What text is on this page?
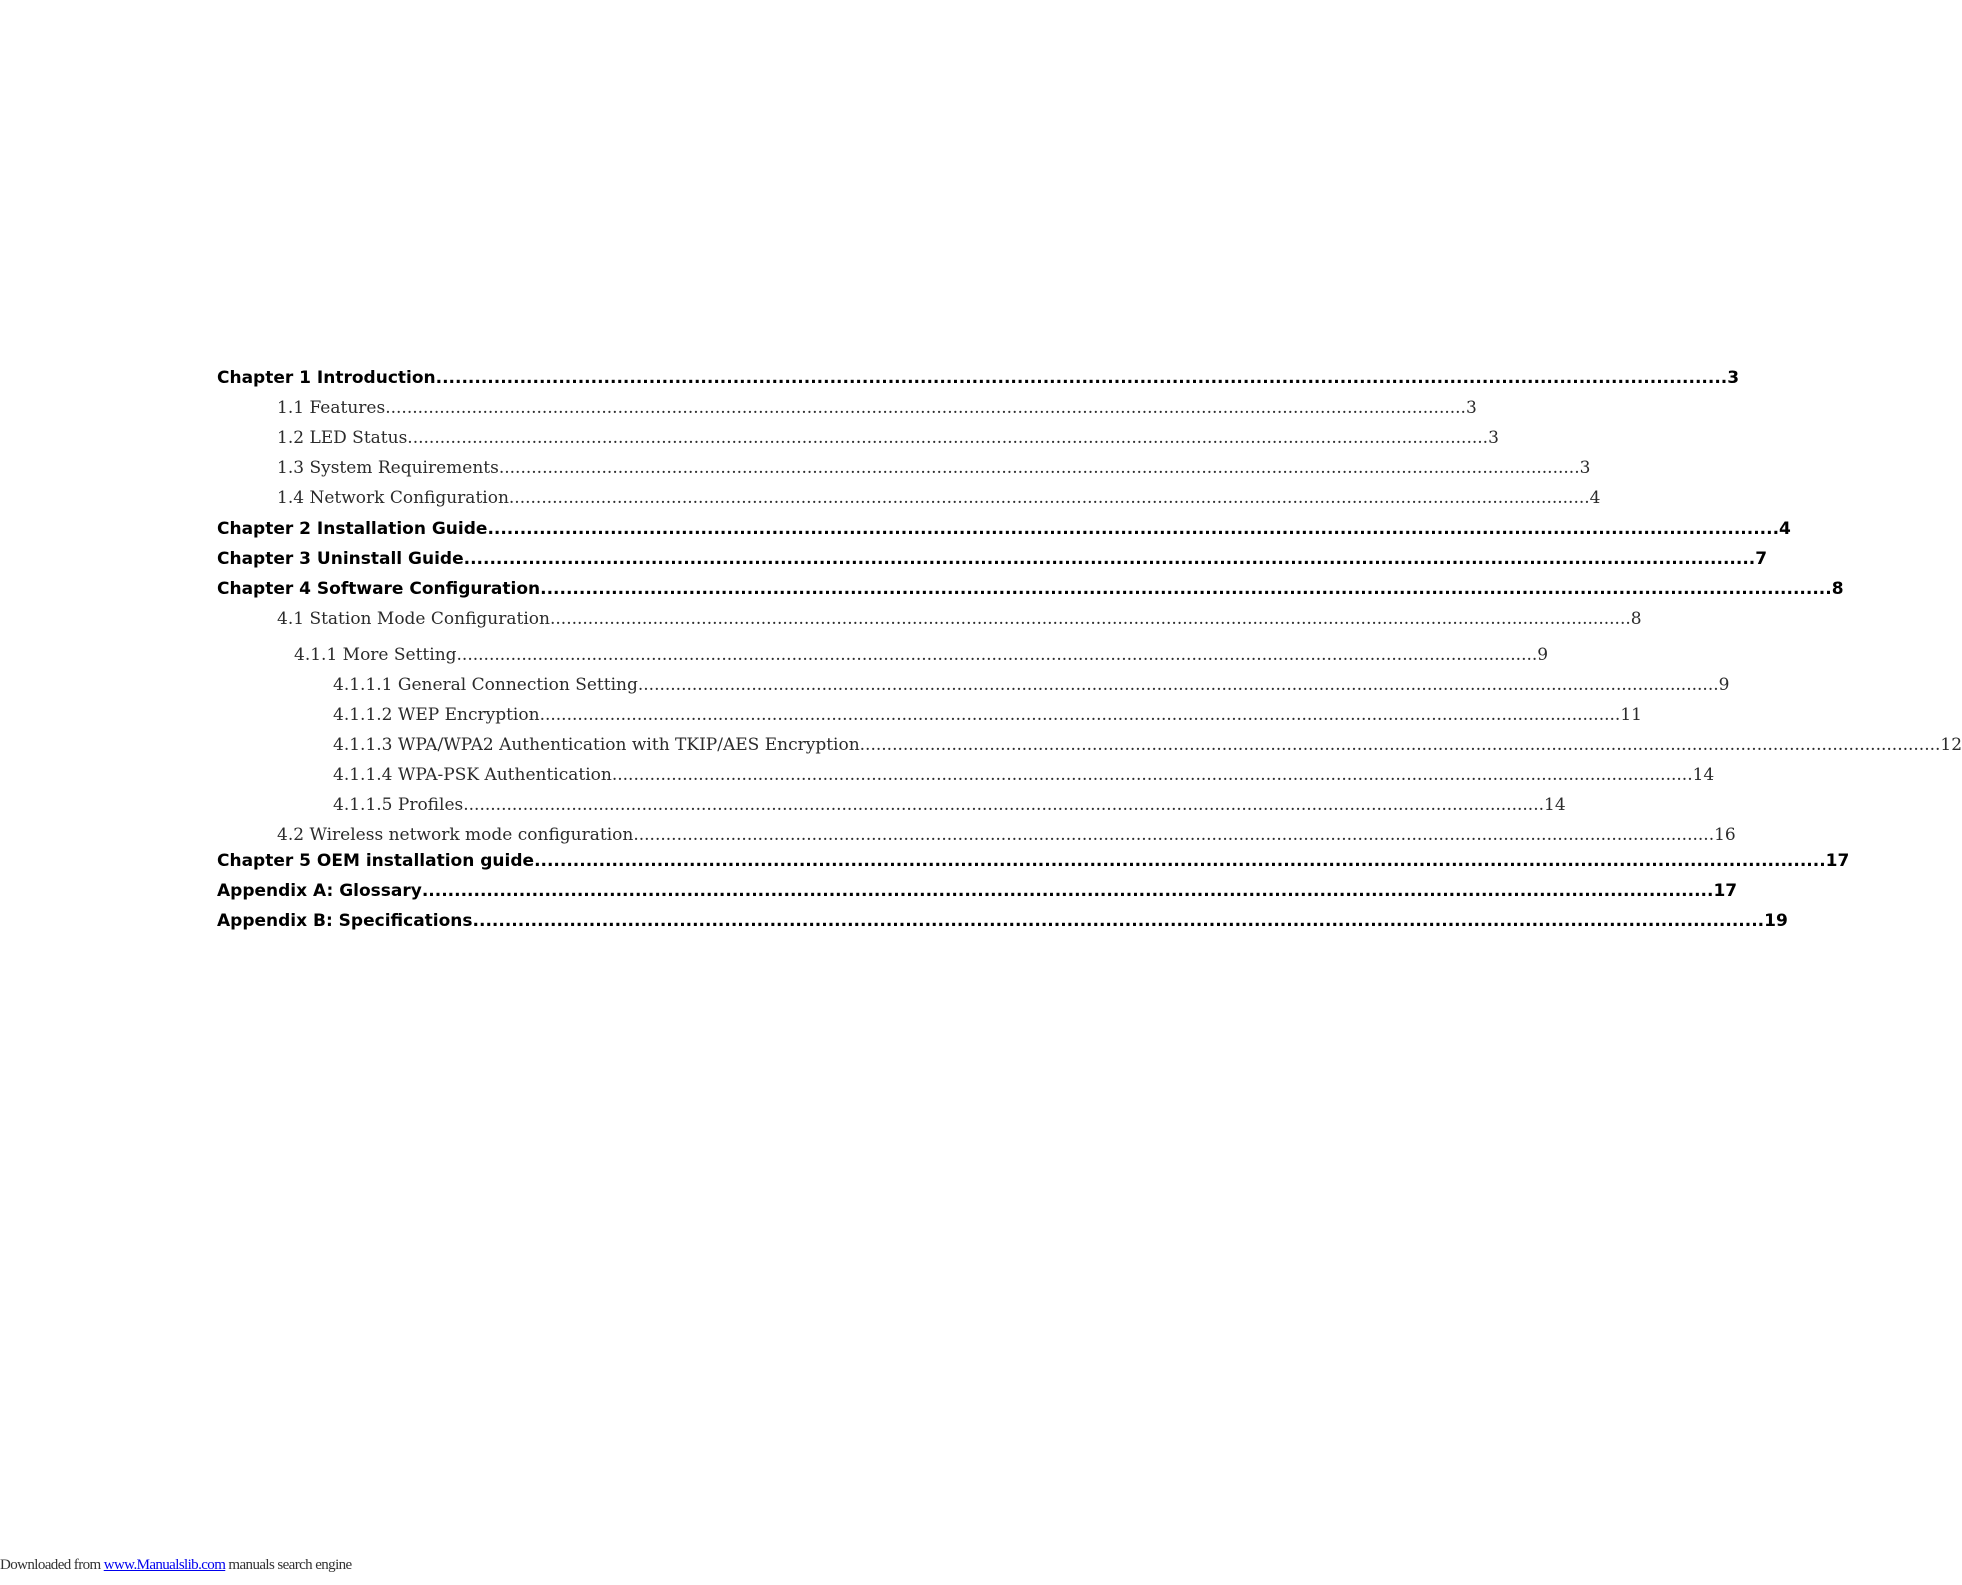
Chapter 1 Introduction ........................................................................................................................................................................................................ 3
1.1 Features ........................................................................................................................................................................................................ 3
1.2 LED Status ........................................................................................................................................................................................................ 3
1.3 System Requirements ........................................................................................................................................................................................................ 3
1.4 Network Configuration ........................................................................................................................................................................................................ 4
Chapter 2 Installation Guide ........................................................................................................................................................................................................ 4
Chapter 3 Uninstall Guide ........................................................................................................................................................................................................ 7
Chapter 4 Software Configuration ........................................................................................................................................................................................................ 8
4.1 Station Mode Configuration ........................................................................................................................................................................................................ 8
4.1.1 More Setting ........................................................................................................................................................................................................ 9
4.1.1.1 General Connection Setting ........................................................................................................................................................................................................ 9
4.1.1.2 WEP Encryption ........................................................................................................................................................................................................ 11
4.1.1.3 WPA/WPA2 Authentication with TKIP/AES Encryption ........................................................................................................................................................................................................ 12
4.1.1.4 WPA-PSK Authentication ........................................................................................................................................................................................................ 14
4.1.1.5 Profiles ........................................................................................................................................................................................................ 14
4.2 Wireless network mode configuration ........................................................................................................................................................................................................ 16
Chapter 5 OEM installation guide ........................................................................................................................................................................................................ 17
Appendix A: Glossary ........................................................................................................................................................................................................ 17
Appendix B: Specifications ........................................................................................................................................................................................................ 19
Downloaded from www.Manualslib.com manuals search engine
